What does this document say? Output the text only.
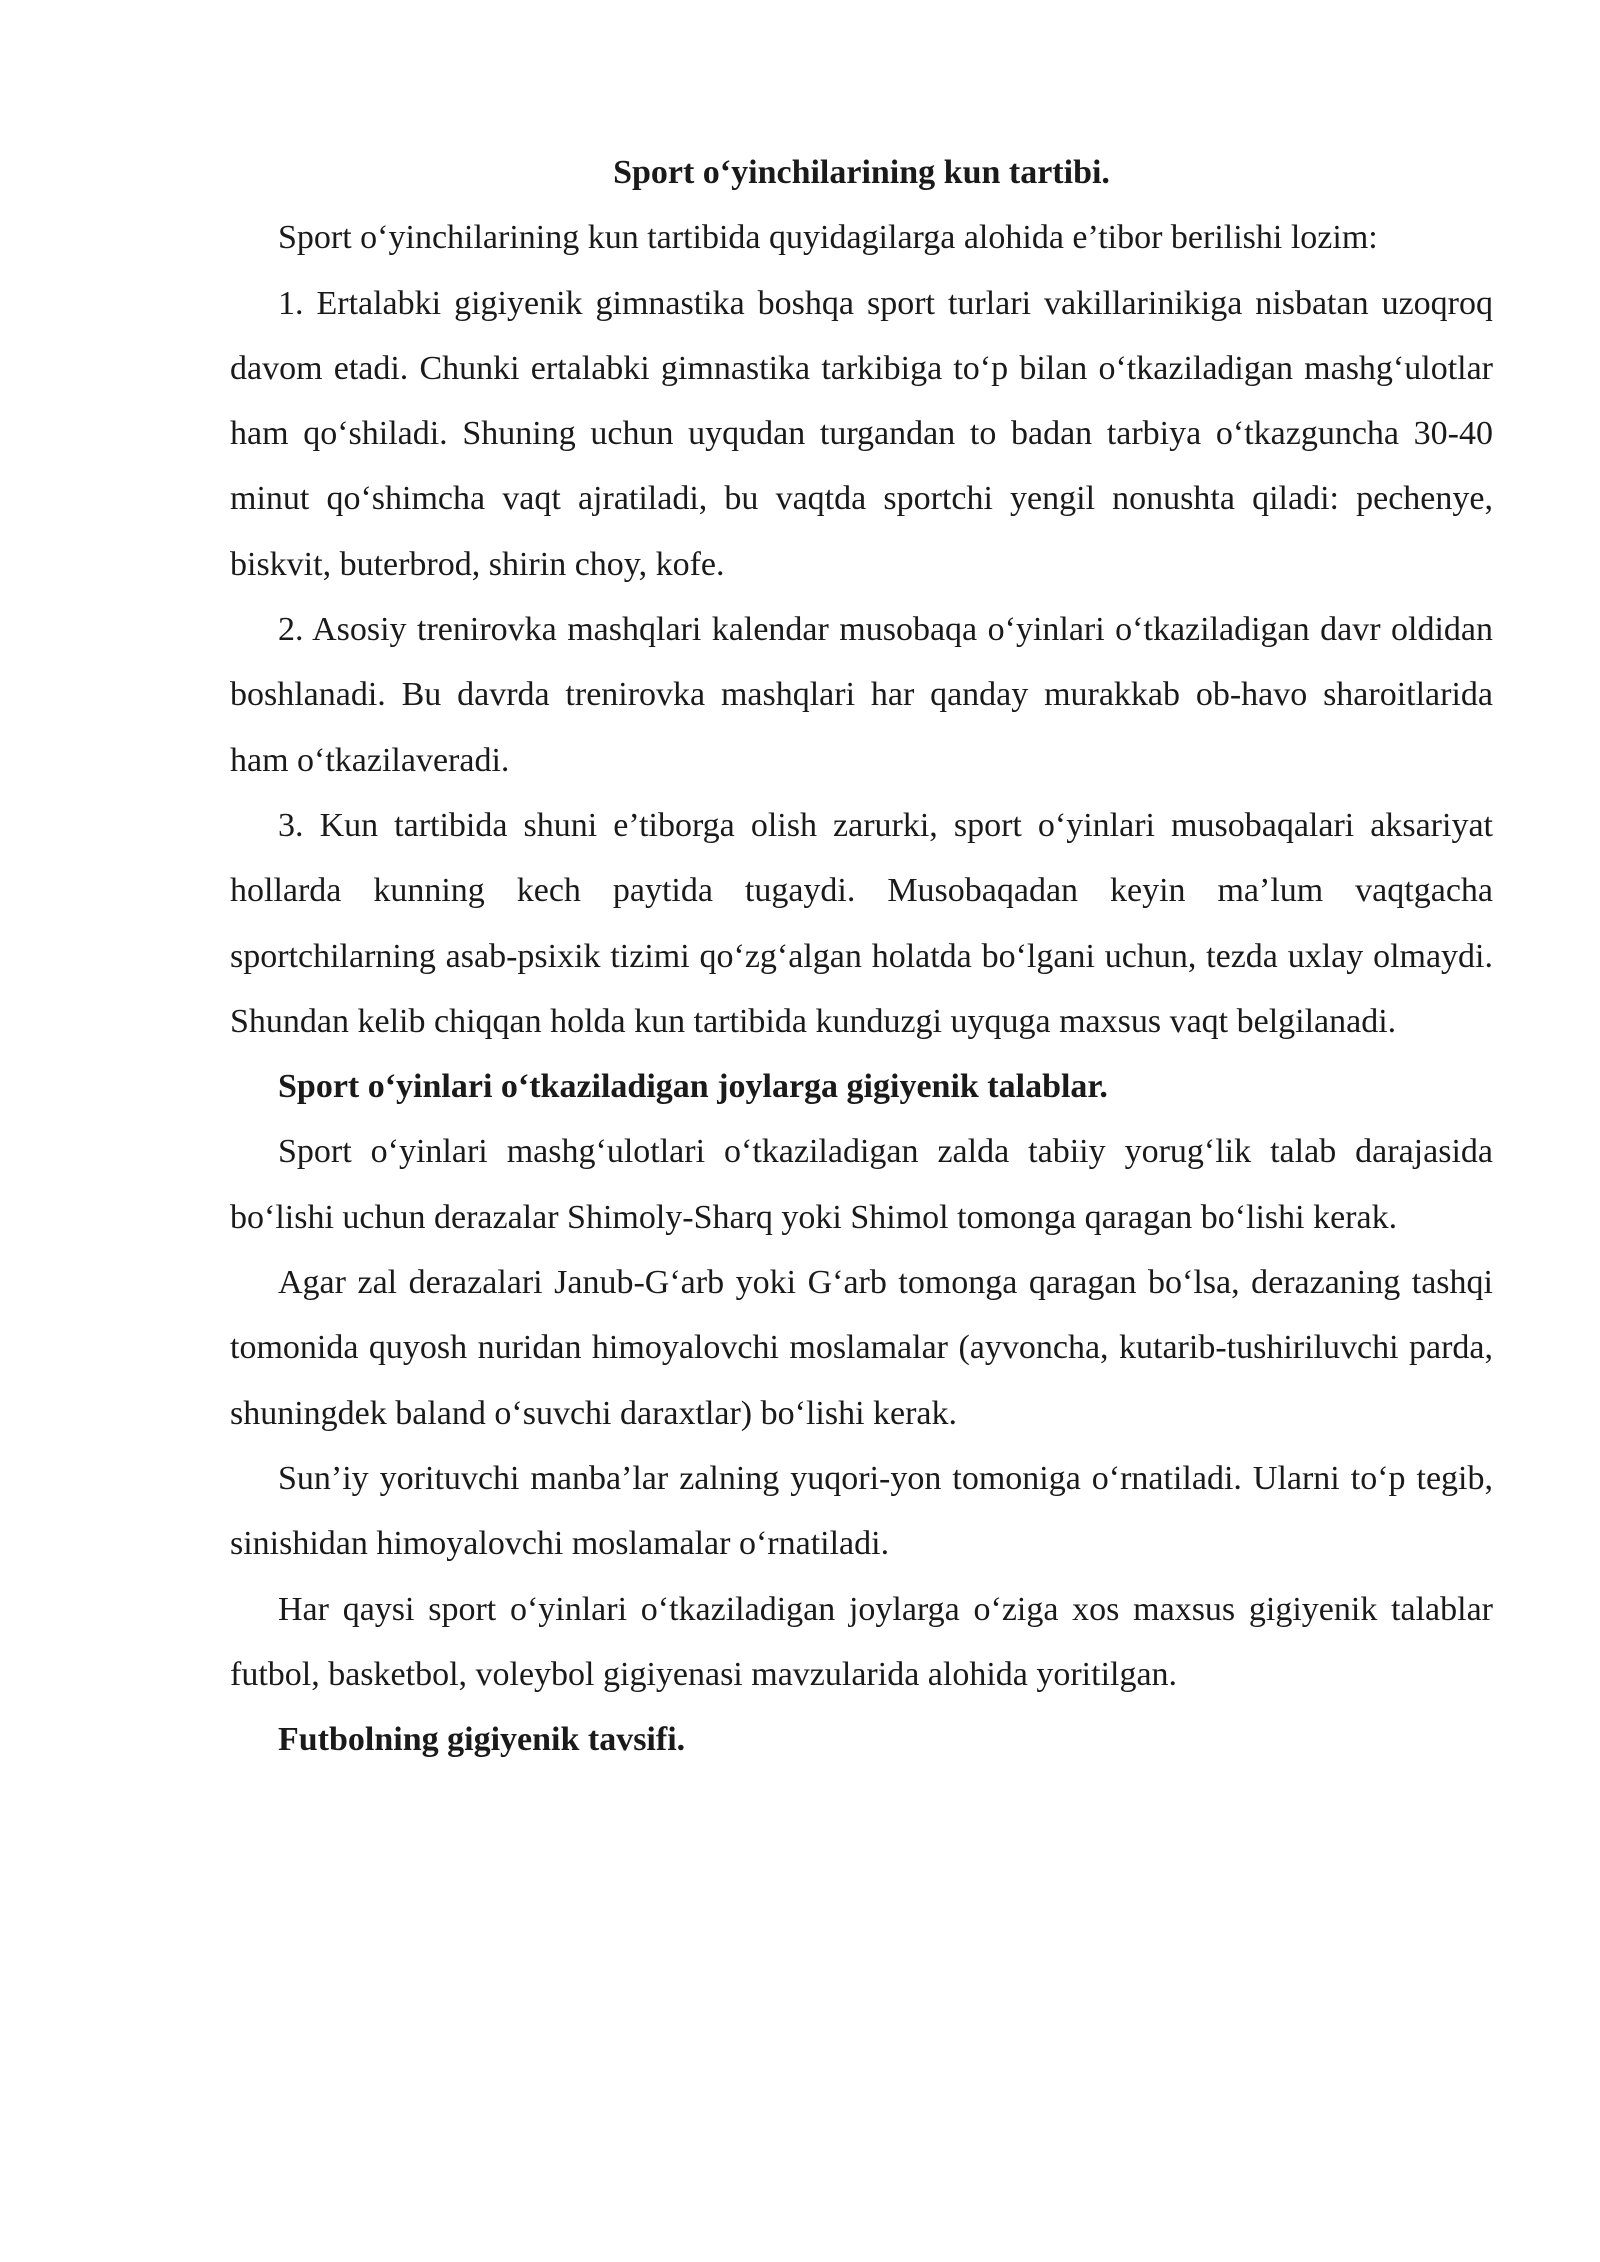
Sport o‘yinchilarining kun tartibi.

Sport o‘yinchilarining kun tartibida quyidagilarga alohida e’tibor berilishi lozim:

1. Ertalabki gigiyenik gimnastika boshqa sport turlari vakillarinikiga nisbatan uzoqroq davom etadi. Chunki ertalabki gimnastika tarkibiga to‘p bilan o‘tkaziladigan mashg‘ulotlar ham qo‘shiladi. Shuning uchun uyqudan turgandan to badan tarbiya o‘tkazguncha 30-40 minut qo‘shimcha vaqt ajratiladi, bu vaqtda sportchi yengil nonushta qiladi: pechenye, biskvit, buterbrod, shirin choy, kofe.

2. Asosiy trenirovka mashqlari kalendar musobaqa o‘yinlari o‘tkaziladigan davr oldidan boshlanadi. Bu davrda trenirovka mashqlari har qanday murakkab ob-havo sharoitlarida ham o‘tkazilaveradi.

3. Kun tartibida shuni e’tiborga olish zarurki, sport o‘yinlari musobaqalari aksariyat hollarda kunning kech paytida tugaydi. Musobaqadan keyin ma’lum vaqtgacha sportchilarning asab-psixik tizimi qo‘zg‘algan holatda bo‘lgani uchun, tezda uxlay olmaydi. Shundan kelib chiqqan holda kun tartibida kunduzgi uyquga maxsus vaqt belgilanadi.

Sport o‘yinlari o‘tkaziladigan joylarga gigiyenik talablar.

Sport o‘yinlari mashg‘ulotlari o‘tkaziladigan zalda tabiiy yorug‘lik talab darajasida bo‘lishi uchun derazalar Shimoly-Sharq yoki Shimol tomonga qaragan bo‘lishi kerak.

Agar zal derazalari Janub-G‘arb yoki G‘arb tomonga qaragan bo‘lsa, derazaning tashqi tomonida quyosh nuridan himoyalovchi moslamalar (ayvoncha, kutarib-tushiriluvchi parda, shuningdek baland o‘suvchi daraxtlar) bo‘lishi kerak.

Sun’iy yorituvchi manba’lar zalning yuqori-yon tomoniga o‘rnatiladi. Ularni to‘p tegib, sinishidan himoyalovchi moslamalar o‘rnatiladi.

Har qaysi sport o‘yinlari o‘tkaziladigan joylarga o‘ziga xos maxsus gigiyenik talablar futbol, basketbol, voleybol gigiyenasi mavzularida alohida yoritilgan.

Futbolning gigiyenik tavsifi.
